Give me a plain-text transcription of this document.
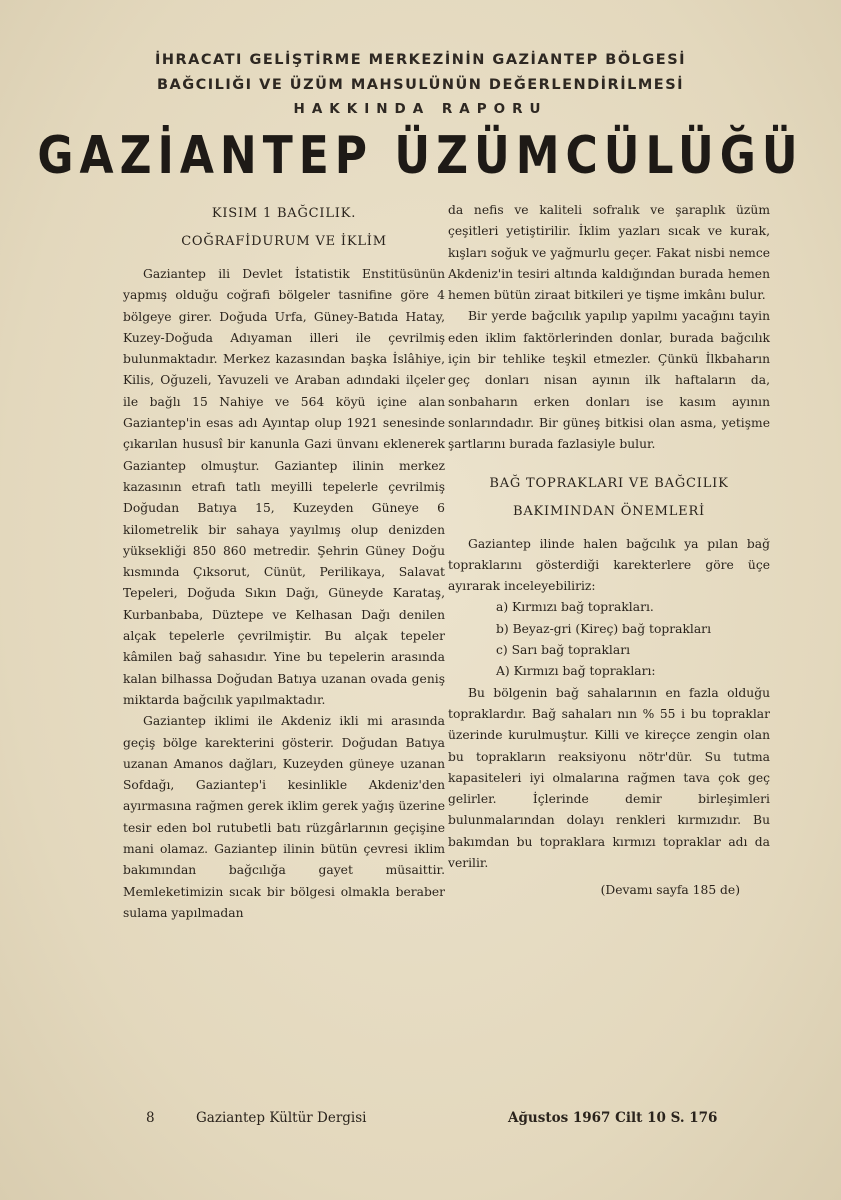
İHRACATI GELİŞTİRME MERKEZİNİN GAZİANTEP BÖLGESİ
BAĞCILIĞI VE ÜZÜM MAHSULÜNÜN DEĞERLENDİRİLMESİ
HAKKINDA RAPORU
GAZİANTEP ÜZÜMCÜLÜĞÜ
KISIM 1 BAĞCILIK.
COĞRAFİDURUM VE İKLİM

Gaziantep ili Devlet İstatistik Enstitüsünün yapmış olduğu coğrafi bölgeler tasnifine göre 4 bölgeye girer. Doğuda Urfa, Güney-Batıda Hatay, Kuzey-Doğuda Adıyaman illeri ile çevrilmiş bulunmaktadır. Merkez kazasından başka İslâhiye, Kilis, Oğuzeli, Yavuzeli ve Araban adındaki ilçeler ile bağlı 15 Nahiye ve 564 köyü içine alan Gaziantep'in esas adı Ayıntap olup 1921 senesinde çıkarılan hususî bir kanunla Gazi ünvanı eklenerek Gaziantep olmuştur. Gaziantep ilinin merkez kazasının etrafı tatlı meyilli tepelerle çevrilmiş Doğudan Batıya 15, Kuzeyden Güneye 6 kilometrelik bir sahaya yayılmış olup denizden yüksekliği 850 860 metredir. Şehrin Güney Doğu kısmında Çıksorut, Cünüt, Perilikaya, Salavat Tepeleri, Doğuda Sıkın Dağı, Güneyde Karataş, Kurbanbaba, Düztepe ve Kelhasan Dağı denilen alçak tepelerle çevrilmiştir. Bu alçak tepeler kâmilen bağ sahasıdır. Yine bu tepelerin arasında kalan bilhassa Doğudan Batıya uzanan ovada geniş miktarda bağcılık yapılmaktadır.

Gaziantep iklimi ile Akdeniz ikli mi arasında geçiş bölge karekterini gösterir. Doğudan Batıya uzanan Amanos dağları, Kuzeyden güneye uzanan Sofdağı, Gaziantep'i kesinlikle Akdeniz'den ayırmasına rağmen gerek iklim gerek yağış üzerine tesir eden bol rutubetli batı rüzgârlarının geçişine mani olamaz. Gaziantep ilinin bütün çevresi iklim bakımından bağcılığa gayet müsaittir. Memleketimizin sıcak bir bölgesi olmakla beraber sulama yapılmadan

da nefis ve kaliteli sofralık ve şaraplık üzüm çeşitleri yetiştirilir. İklim yazları sıcak ve kurak, kışları soğuk ve yağmurlu geçer. Fakat nisbi nemce Akdeniz'in tesiri altında kaldığından burada hemen hemen bütün ziraat bitkileri ye tişme imkânı bulur.

Bir yerde bağcılık yapılıp yapılmı yacağını tayin eden iklim faktörlerinden donlar, burada bağcılık için bir tehlike teşkil etmezler. Çünkü İlkbaharın geç donları nisan ayının ilk haftaların da, sonbaharın erken donları ise kasım ayının sonlarındadır. Bir güneş bitkisi olan asma, yetişme şartlarını burada fazlasiyle bulur.

BAĞ TOPRAKLARI VE BAĞCILIK
BAKIMINDAN ÖNEMLERİ

Gaziantep ilinde halen bağcılık ya pılan bağ topraklarını gösterdiği karekterlere göre üçe ayırarak inceleyebiliriz:

a) Kırmızı bağ toprakları.

b) Beyaz-gri (Kireç) bağ toprakları

c) Sarı bağ toprakları

A) Kırmızı bağ toprakları:

Bu bölgenin bağ sahalarının en fazla olduğu topraklardır. Bağ sahaları nın % 55 i bu topraklar üzerinde kurulmuştur. Killi ve kireçce zengin olan bu toprakların reaksiyonu nötr'dür. Su tutma kapasiteleri iyi olmalarına rağmen tava çok geç gelirler. İçlerinde demir birleşimleri bulunmalarından dolayı renkleri kırmızıdır. Bu bakımdan bu topraklara kırmızı topraklar adı da verilir.

(Devamı sayfa 185 de)

8	Gaziantep Kültür Dergisi	Ağustos 1967 Cilt 10 S. 176
